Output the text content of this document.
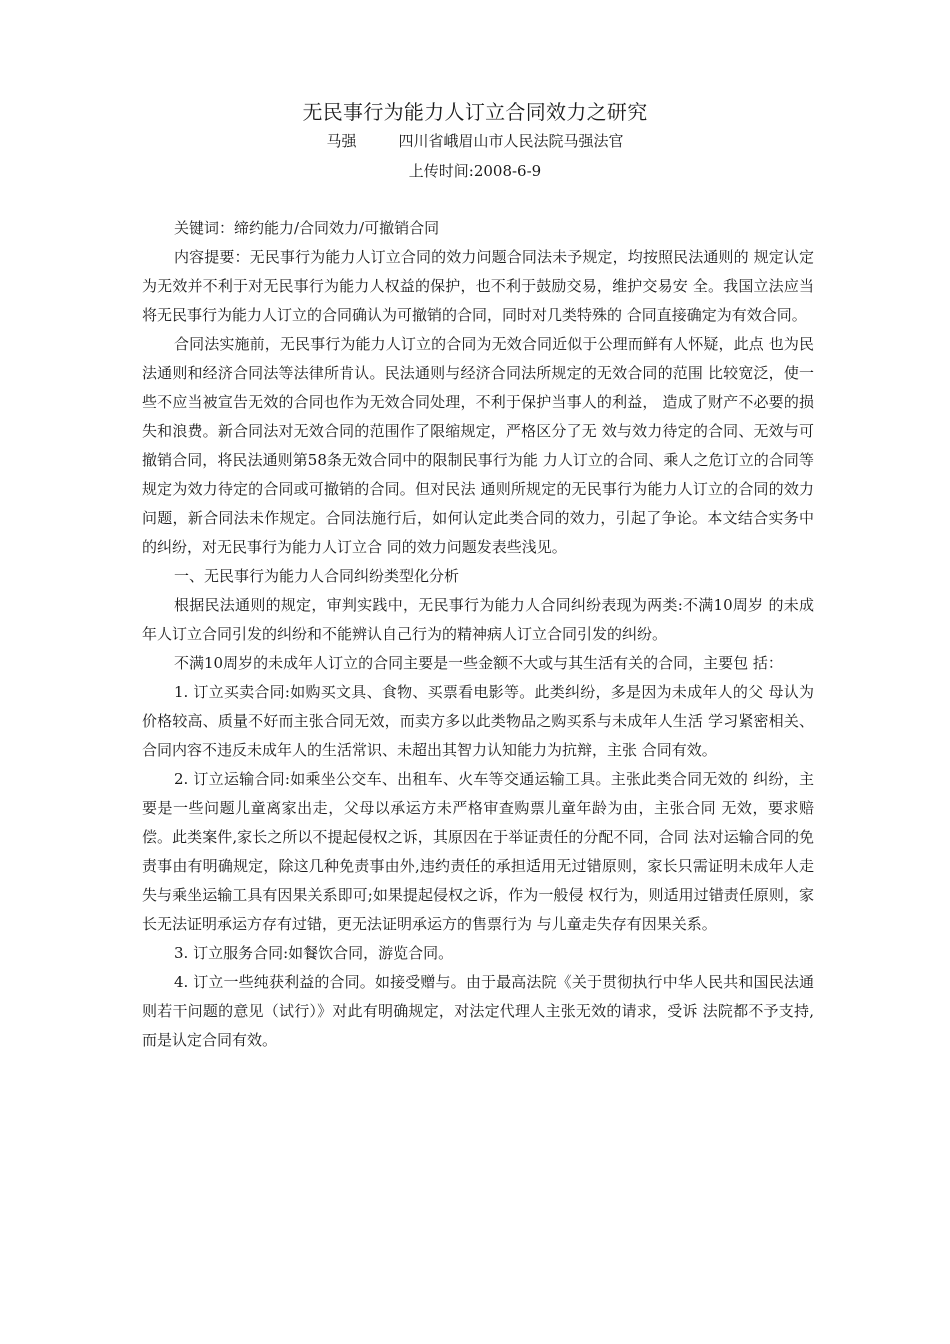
无民事行为能力人订立合同效力之研究
马强	四川省峨眉山市人民法院马强法官
上传时间:2008-6-9

关键词：缔约能力/合同效力/可撤销合同

内容提要：无民事行为能力人订立合同的效力问题合同法未予规定，均按照民法通则的 规定认定为无效并不利于对无民事行为能力人权益的保护，也不利于鼓励交易，维护交易安 全。我国立法应当将无民事行为能力人订立的合同确认为可撤销的合同，同时对几类特殊的 合同直接确定为有效合同。

合同法实施前，无民事行为能力人订立的合同为无效合同近似于公理而鲜有人怀疑，此点 也为民法通则和经济合同法等法律所肯认。民法通则与经济合同法所规定的无效合同的范围 比较宽泛，使一些不应当被宣告无效的合同也作为无效合同处理，不利于保护当事人的利益， 造成了财产不必要的损失和浪费。新合同法对无效合同的范围作了限缩规定，严格区分了无 效与效力待定的合同、无效与可撤销合同，将民法通则第58条无效合同中的限制民事行为能 力人订立的合同、乘人之危订立的合同等规定为效力待定的合同或可撤销的合同。但对民法 通则所规定的无民事行为能力人订立的合同的效力问题，新合同法未作规定。合同法施行后，如何认定此类合同的效力，引起了争论。本文结合实务中的纠纷，对无民事行为能力人订立合 同的效力问题发表些浅见。

一、无民事行为能力人合同纠纷类型化分析

根据民法通则的规定，审判实践中，无民事行为能力人合同纠纷表现为两类:不满10周岁 的未成年人订立合同引发的纠纷和不能辨认自己行为的精神病人订立合同引发的纠纷。

不满10周岁的未成年人订立的合同主要是一些金额不大或与其生活有关的合同，主要包 括：

1. 订立买卖合同:如购买文具、食物、买票看电影等。此类纠纷，多是因为未成年人的父 母认为价格较高、质量不好而主张合同无效，而卖方多以此类物品之购买系与未成年人生活 学习紧密相关、合同内容不违反未成年人的生活常识、未超出其智力认知能力为抗辩，主张 合同有效。

2. 订立运输合同:如乘坐公交车、出租车、火车等交通运输工具。主张此类合同无效的 纠纷，主要是一些问题儿童离家出走，父母以承运方未严格审查购票儿童年龄为由，主张合同 无效，要求赔偿。此类案件,家长之所以不提起侵权之诉，其原因在于举证责任的分配不同，合同 法对运输合同的免责事由有明确规定，除这几种免责事由外,违约责任的承担适用无过错原则，家长只需证明未成年人走失与乘坐运输工具有因果关系即可;如果提起侵权之诉，作为一般侵 权行为，则适用过错责任原则，家长无法证明承运方存有过错，更无法证明承运方的售票行为 与儿童走失存有因果关系。

3. 订立服务合同:如餐饮合同，游览合同。

4. 订立一些纯获利益的合同。如接受赠与。由于最高法院《关于贯彻执行中华人民共和国民法通则若干问题的意见（试行）》对此有明确规定，对法定代理人主张无效的请求，受诉 法院都不予支持,而是认定合同有效。
